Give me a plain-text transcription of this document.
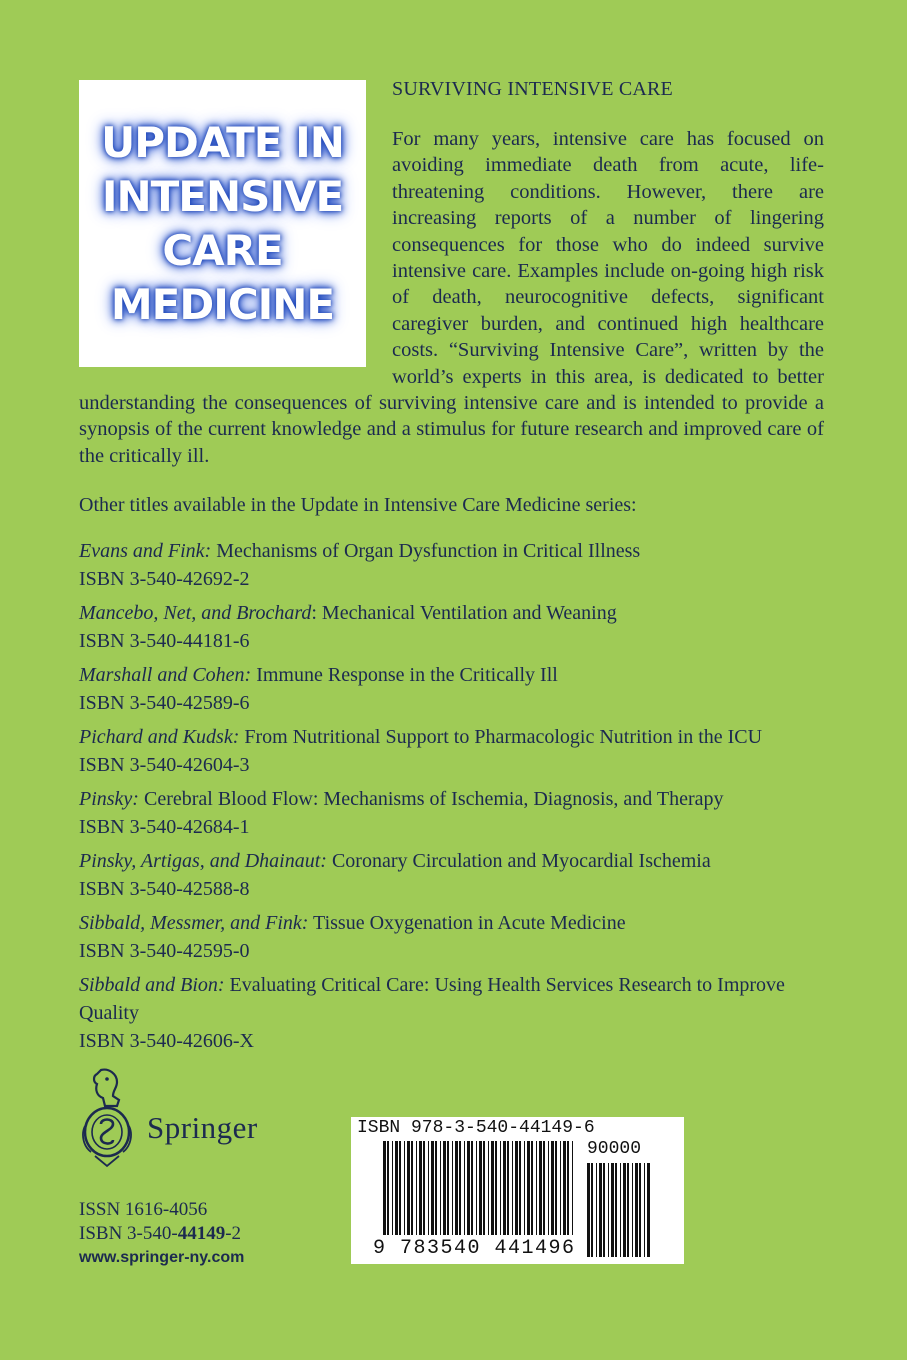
UPDATE IN
INTENSIVE
CARE
MEDICINE
SURVIVING INTENSIVE CARE
For many years, intensive care has focused on avoiding immediate death from acute, life-threatening conditions. However, there are increasing reports of a number of lingering consequences for those who do indeed survive intensive care. Examples include on-going high risk of death, neurocognitive defects, significant caregiver burden, and continued high healthcare costs. “Surviving Intensive Care”, written by the world’s experts in this area, is dedicated to better understanding the consequences of surviving intensive care and is intended to provide a synopsis of the current knowledge and a stimulus for future research and improved care of the critically ill.
Other titles available in the Update in Intensive Care Medicine series:
Evans and Fink: Mechanisms of Organ Dysfunction in Critical Illness
ISBN 3-540-42692-2
Mancebo, Net, and Brochard: Mechanical Ventilation and Weaning
ISBN 3-540-44181-6
Marshall and Cohen: Immune Response in the Critically Ill
ISBN 3-540-42589-6
Pichard and Kudsk: From Nutritional Support to Pharmacologic Nutrition in the ICU
ISBN 3-540-42604-3
Pinsky: Cerebral Blood Flow: Mechanisms of Ischemia, Diagnosis, and Therapy
ISBN 3-540-42684-1
Pinsky, Artigas, and Dhainaut: Coronary Circulation and Myocardial Ischemia
ISBN 3-540-42588-8
Sibbald, Messmer, and Fink: Tissue Oxygenation in Acute Medicine
ISBN 3-540-42595-0
Sibbald and Bion: Evaluating Critical Care: Using Health Services Research to Improve Quality
ISBN 3-540-42606-X
Springer
ISSN 1616-4056
ISBN 3-540-44149-2
www.springer-ny.com
ISBN 978-3-540-44149-6
90000
9 783540 441496
